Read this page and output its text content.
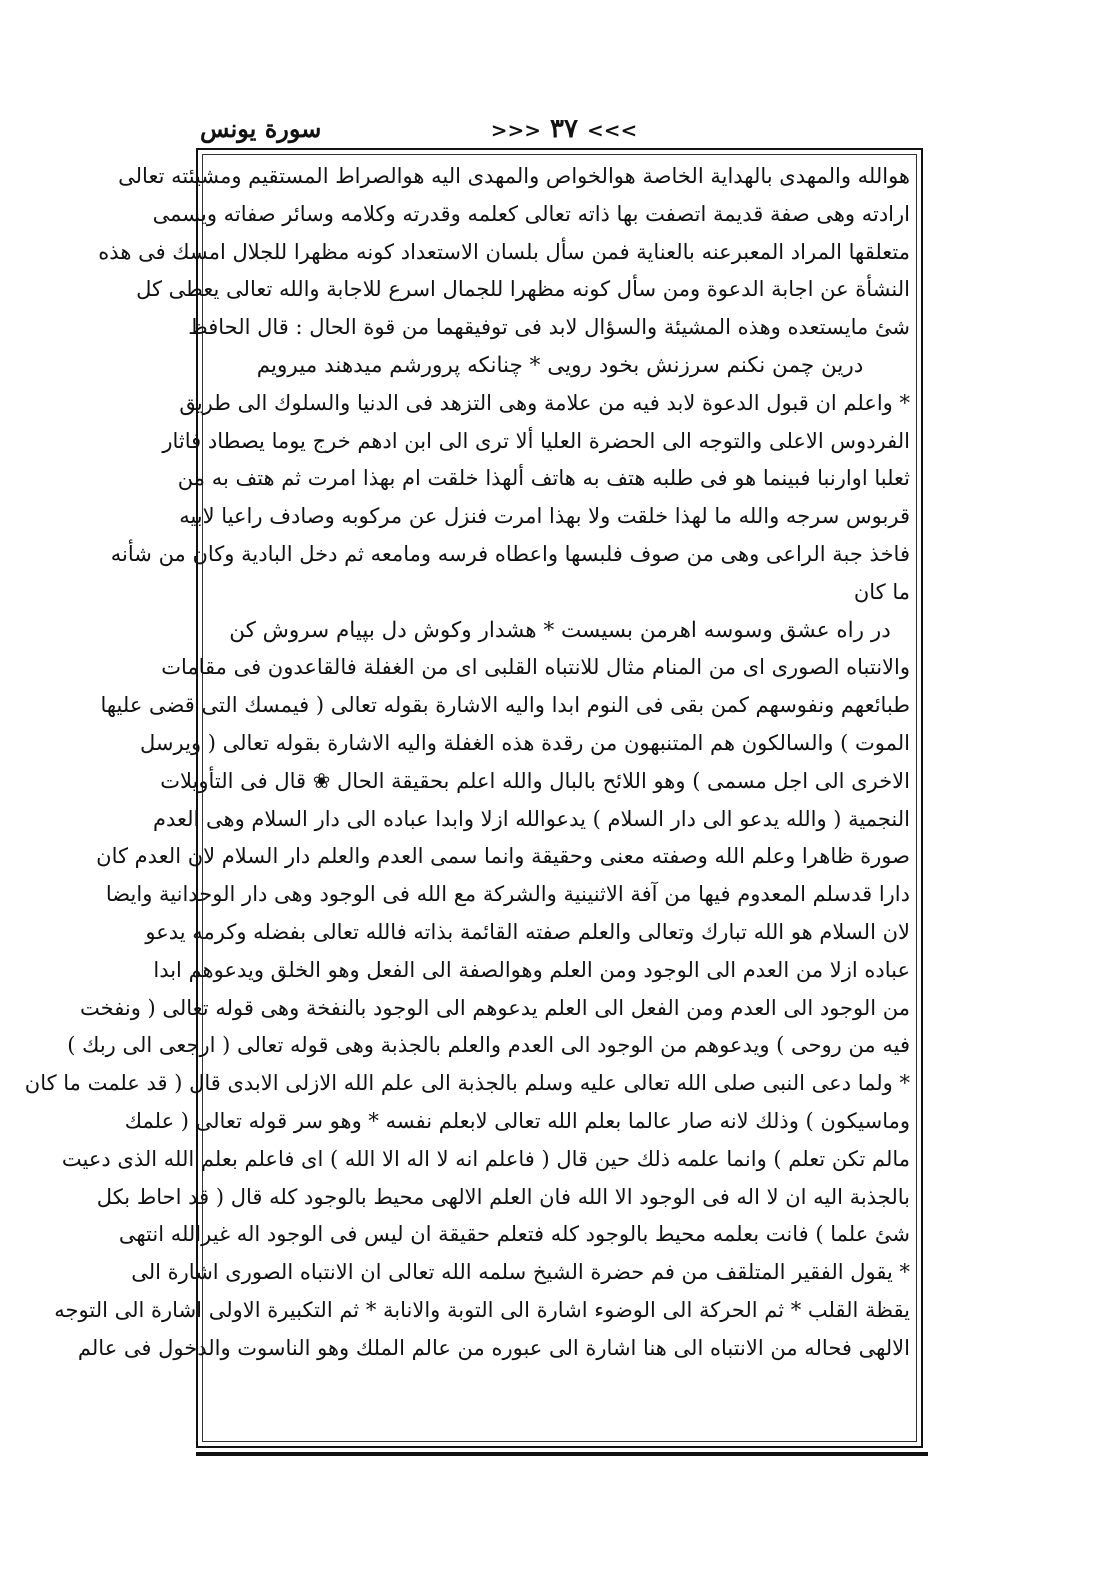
>>> ٣٧ <<<
سورة يونس
هوالله والمهدى بالهداية الخاصة هوالخواص والمهدى اليه هوالصراط المستقيم ومشيئته تعالى
ارادته وهى صفة قديمة اتصفت بها ذاته تعالى كعلمه وقدرته وكلامه وسائر صفاته ويسمى
متعلقها المراد المعبرعنه بالعناية فمن سأل بلسان الاستعداد كونه مظهرا للجلال امسك فى هذه
النشأة عن اجابة الدعوة ومن سأل كونه مظهرا للجمال اسرع للاجابة والله تعالى يعطى كل
شئ مايستعده وهذه المشيئة والسؤال لابد فى توفيقهما من قوة الحال : قال الحافظ
درين چمن نكنم سرزنش بخود رويى * چنانكه پرورشم ميدهند ميرويم
* واعلم ان قبول الدعوة لابد فيه من علامة وهى التزهد فى الدنيا والسلوك الى طريق
الفردوس الاعلى والتوجه الى الحضرة العليا ألا ترى الى ابن ادهم خرج يوما يصطاد فاثار
ثعلبا اوارنبا فبينما هو فى طلبه هتف به هاتف ألهذا خلقت ام بهذا امرت ثم هتف به من
قربوس سرجه والله ما لهذا خلقت ولا بهذا امرت فنزل عن مركوبه وصادف راعيا لابيه
فاخذ جبة الراعى وهى من صوف فلبسها واعطاه فرسه ومامعه ثم دخل البادية وكان من شأنه
ما كان
در راه عشق وسوسه اهرمن بسيست * هشدار وكوش دل بپيام سروش كن
والانتباه الصورى اى من المنام مثال للانتباه القلبى اى من الغفلة فالقاعدون فى مقامات
طبائعهم ونفوسهم كمن بقى فى النوم ابدا واليه الاشارة بقوله تعالى ( فيمسك التى قضى عليها
الموت ) والسالكون هم المتنبهون من رقدة هذه الغفلة واليه الاشارة بقوله تعالى ( ويرسل
الاخرى الى اجل مسمى ) وهو اللائح بالبال والله اعلم بحقيقة الحال ❀ قال فى التأويلات
النجمية ( والله يدعو الى دار السلام ) يدعوالله ازلا وابدا عباده الى دار السلام وهى العدم
صورة ظاهرا وعلم الله وصفته معنى وحقيقة وانما سمى العدم والعلم دار السلام لان العدم كان
دارا قدسلم المعدوم فيها من آفة الاثنينية والشركة مع الله فى الوجود وهى دار الوحدانية وايضا
لان السلام هو الله تبارك وتعالى والعلم صفته القائمة بذاته فالله تعالى بفضله وكرمه يدعو
عباده ازلا من العدم الى الوجود ومن العلم وهوالصفة الى الفعل وهو الخلق ويدعوهم ابدا
من الوجود الى العدم ومن الفعل الى العلم يدعوهم الى الوجود بالنفخة وهى قوله تعالى ( ونفخت
فيه من روحى ) ويدعوهم من الوجود الى العدم والعلم بالجذبة وهى قوله تعالى ( ارجعى الى ربك )
* ولما دعى النبى صلى الله تعالى عليه وسلم بالجذبة الى علم الله الازلى الابدى قال ( قد علمت ما كان
وماسيكون ) وذلك لانه صار عالما بعلم الله تعالى لابعلم نفسه * وهو سر قوله تعالى ( علمك
مالم تكن تعلم ) وانما علمه ذلك حين قال ( فاعلم انه لا اله الا الله ) اى فاعلم بعلم الله الذى دعيت
بالجذبة اليه ان لا اله فى الوجود الا الله فان العلم الالهى محيط بالوجود كله قال ( قد احاط بكل
شئ علما ) فانت بعلمه محيط بالوجود كله فتعلم حقيقة ان ليس فى الوجود اله غيرالله انتهى
* يقول الفقير المتلقف من فم حضرة الشيخ سلمه الله تعالى ان الانتباه الصورى اشارة الى
يقظة القلب * ثم الحركة الى الوضوء اشارة الى التوبة والانابة * ثم التكبيرة الاولى اشارة الى التوجه
الالهى فحاله من الانتباه الى هنا اشارة الى عبوره من عالم الملك وهو الناسوت والدخول فى عالم
